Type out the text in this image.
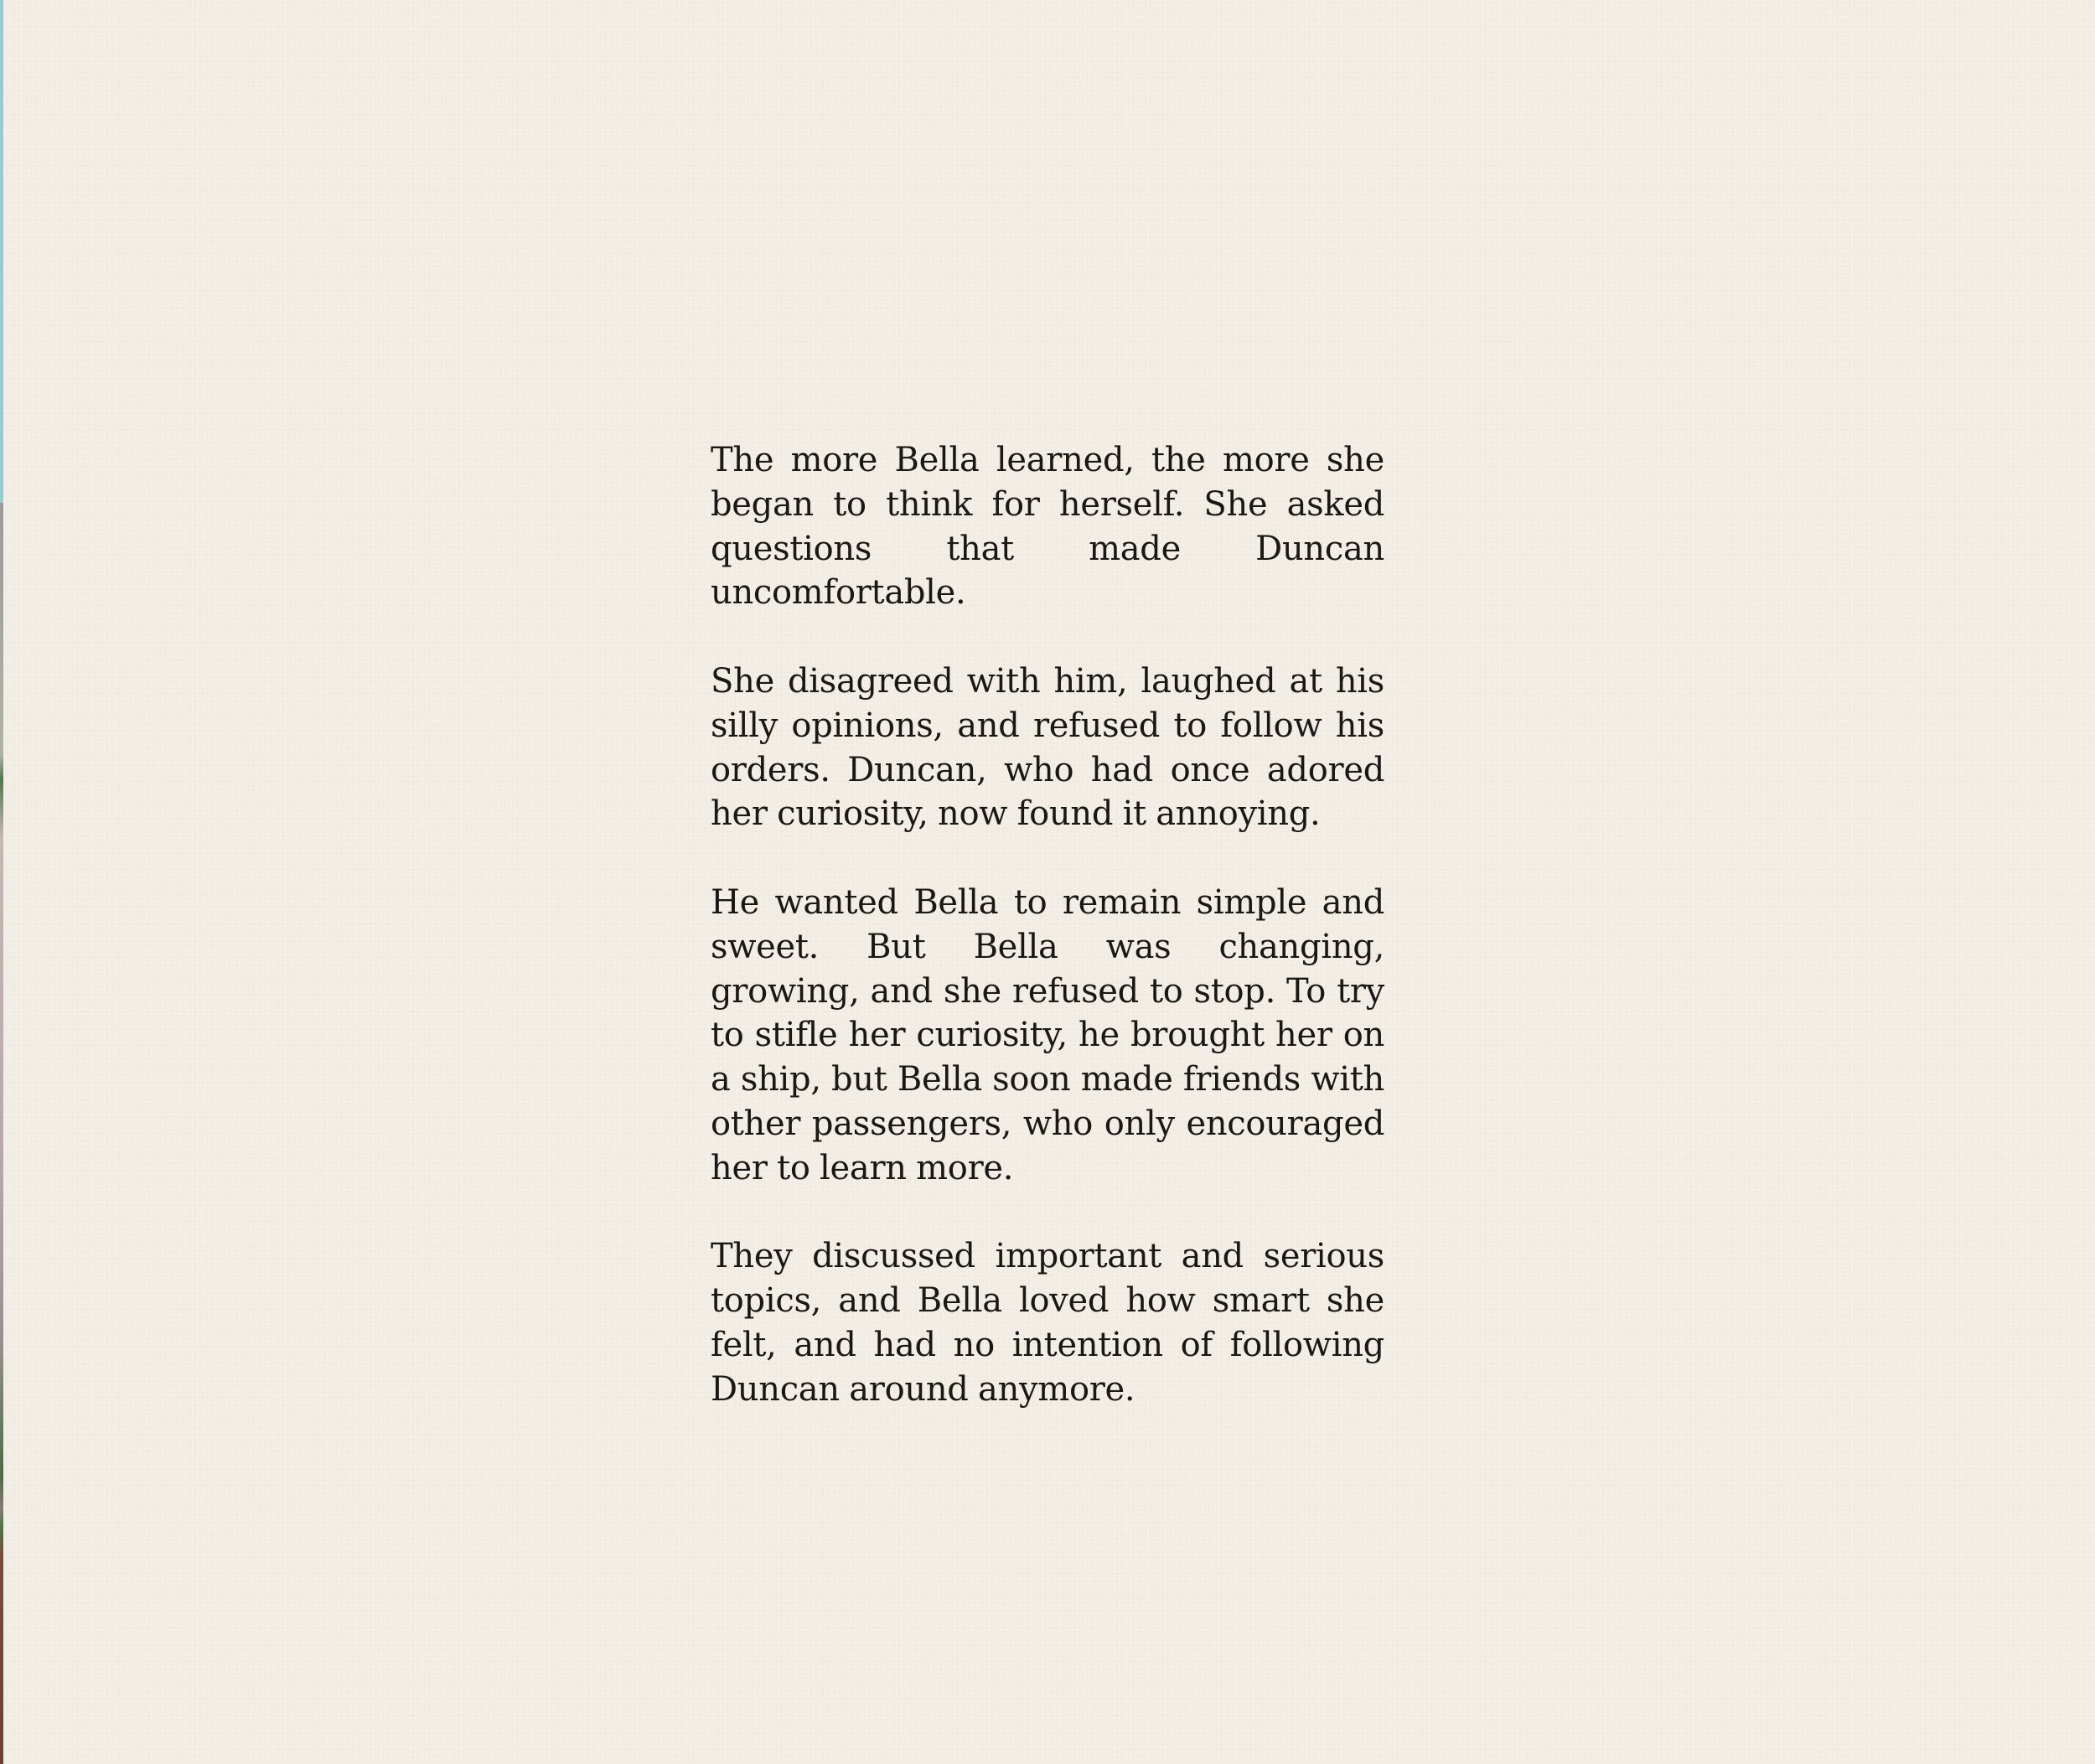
The more Bella learned, the more she began to think for herself. She asked questions that made Duncan uncomfortable.

She disagreed with him, laughed at his silly opinions, and refused to follow his orders. Duncan, who had once adored her curiosity, now found it annoying.

He wanted Bella to remain simple and sweet. But Bella was changing, growing, and she refused to stop. To try to stifle her curiosity, he brought her on a ship, but Bella soon made friends with other passengers, who only encouraged her to learn more.

They discussed important and serious topics, and Bella loved how smart she felt, and had no intention of following Duncan around anymore.
